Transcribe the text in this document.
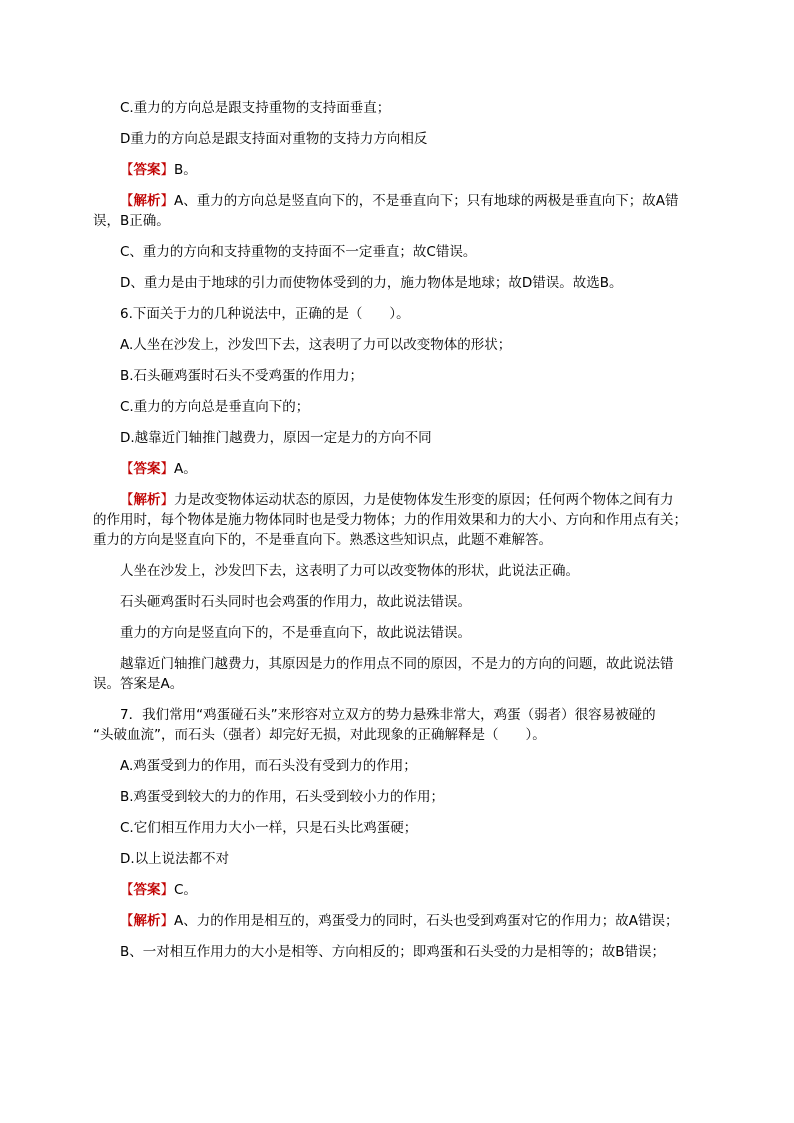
C.重力的方向总是跟支持重物的支持面垂直；
D重力的方向总是跟支持面对重物的支持力方向相反
【答案】B。
【解析】A、重力的方向总是竖直向下的，不是垂直向下；只有地球的两极是垂直向下；故A错
误，B正确。
C、重力的方向和支持重物的支持面不一定垂直；故C错误。
D、重力是由于地球的引力而使物体受到的力，施力物体是地球；故D错误。故选B。
6.下面关于力的几种说法中，正确的是（　　）。
A.人坐在沙发上，沙发凹下去，这表明了力可以改变物体的形状；
B.石头砸鸡蛋时石头不受鸡蛋的作用力；
C.重力的方向总是垂直向下的；
D.越靠近门轴推门越费力，原因一定是力的方向不同
【答案】A。
【解析】力是改变物体运动状态的原因，力是使物体发生形变的原因；任何两个物体之间有力
的作用时，每个物体是施力物体同时也是受力物体；力的作用效果和力的大小、方向和作用点有关；
重力的方向是竖直向下的，不是垂直向下。熟悉这些知识点，此题不难解答。
人坐在沙发上，沙发凹下去，这表明了力可以改变物体的形状，此说法正确。
石头砸鸡蛋时石头同时也会鸡蛋的作用力，故此说法错误。
重力的方向是竖直向下的，不是垂直向下，故此说法错误。
越靠近门轴推门越费力，其原因是力的作用点不同的原因，不是力的方向的问题，故此说法错
误。答案是A。
7．我们常用“鸡蛋碰石头”来形容对立双方的势力悬殊非常大，鸡蛋（弱者）很容易被碰的
“头破血流”，而石头（强者）却完好无损，对此现象的正确解释是（　　）。
A.鸡蛋受到力的作用，而石头没有受到力的作用；
B.鸡蛋受到较大的力的作用，石头受到较小力的作用；
C.它们相互作用力大小一样，只是石头比鸡蛋硬；
D.以上说法都不对
【答案】C。
【解析】A、力的作用是相互的，鸡蛋受力的同时，石头也受到鸡蛋对它的作用力；故A错误；
B、一对相互作用力的大小是相等、方向相反的；即鸡蛋和石头受的力是相等的；故B错误；
